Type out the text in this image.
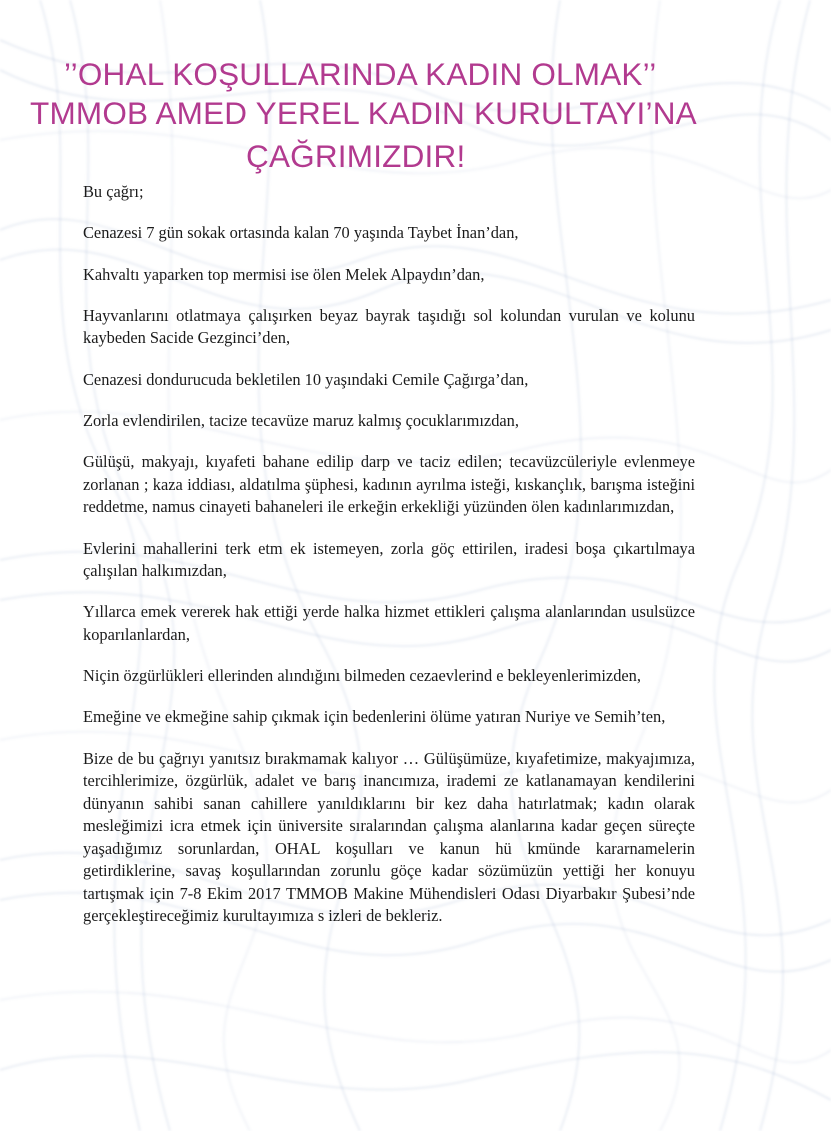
’’OHAL KOŞULLARINDA KADIN OLMAK’’
TMMOB AMED YEREL KADIN KURULTAYI’NA
ÇAĞRIMIZDIR!

Bu çağrı;

Cenazesi 7 gün sokak ortasında kalan 70 yaşında Taybet İnan’dan,

Kahvaltı yaparken top mermisi ise ölen Melek Alpaydın’dan,

Hayvanlarını otlatmaya çalışırken beyaz bayrak taşıdığı sol kolundan vurulan ve kolunu kaybeden Sacide Gezginci’den,

Cenazesi dondurucuda bekletilen 10 yaşındaki Cemile Çağırga’dan,

Zorla evlendirilen, tacize tecavüze maruz kalmış çocuklarımızdan,

Gülüşü, makyajı, kıyafeti bahane edilip darp ve taciz edilen; tecavüzcüleriyle evlenmeye zorlanan ; kaza iddiası, aldatılma şüphesi, kadının ayrılma isteği, kıskançlık, barışma isteğini reddetme, namus cinayeti bahaneleri ile erkeğin erkekliği yüzünden ölen kadınlarımızdan,

Evlerini mahallerini terk etm ek istemeyen, zorla göç ettirilen, iradesi boşa çıkartılmaya çalışılan halkımızdan,

Yıllarca emek vererek hak ettiği yerde halka hizmet ettikleri çalışma alanlarından usulsüzce koparılanlardan,

Niçin özgürlükleri ellerinden alındığını bilmeden cezaevlerind e bekleyenlerimizden,

Emeğine ve ekmeğine sahip çıkmak için bedenlerini ölüme yatıran Nuriye ve Semih’ten,

Bize de bu çağrıyı yanıtsız bırakmamak kalıyor … Gülüşümüze, kıyafetimize, makyajımıza, tercihlerimize, özgürlük, adalet ve barış inancımıza, irademi ze katlanamayan kendilerini dünyanın sahibi sanan cahillere yanıldıklarını bir kez daha hatırlatmak; kadın olarak mesleğimizi icra etmek için üniversite sıralarından çalışma alanlarına kadar geçen süreçte yaşadığımız sorunlardan, OHAL koşulları ve kanun hü kmünde kararnamelerin getirdiklerine, savaş koşullarından zorunlu göçe kadar sözümüzün yettiği her konuyu tartışmak için 7-8 Ekim 2017 TMMOB Makine Mühendisleri Odası Diyarbakır Şubesi’nde gerçekleştireceğimiz kurultayımıza s izleri de bekleriz.
